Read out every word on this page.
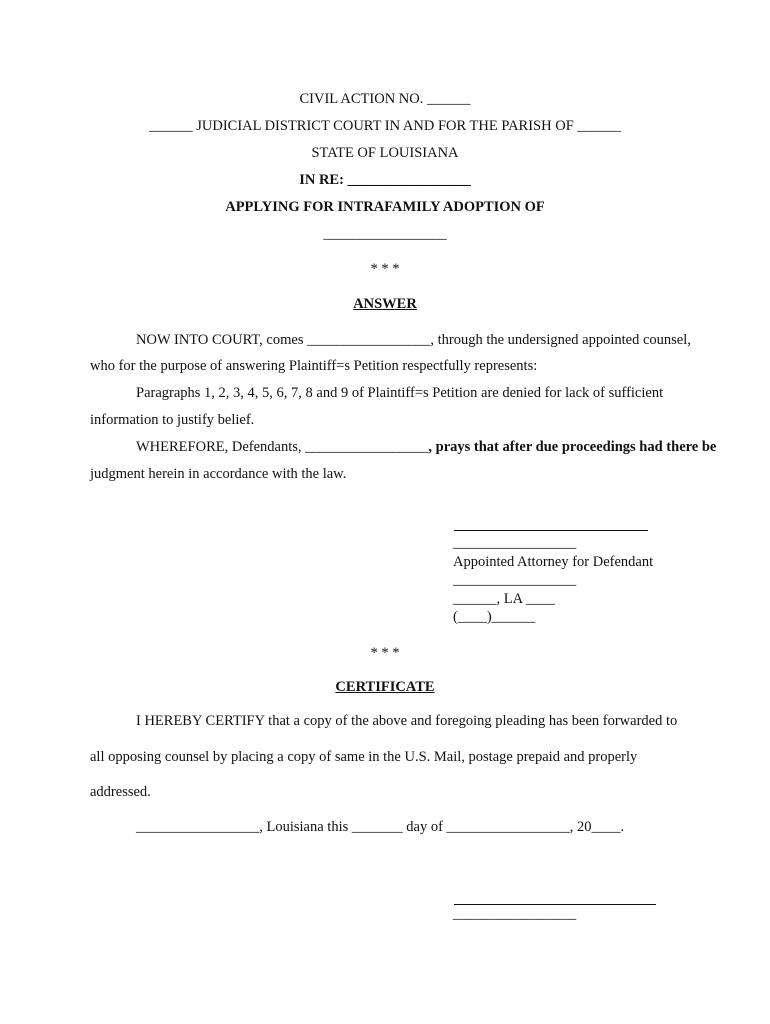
CIVIL ACTION NO. ______
______ JUDICIAL DISTRICT COURT IN AND FOR THE PARISH OF ______
STATE OF LOUISIANA
IN RE: _________________
APPLYING FOR INTRAFAMILY ADOPTION OF
_________________
* * *
ANSWER
NOW INTO COURT, comes _________________, through the undersigned appointed counsel,
who for the purpose of answering Plaintiff=s Petition respectfully represents:
Paragraphs 1, 2, 3, 4, 5, 6, 7, 8 and 9 of Plaintiff=s Petition are denied for lack of sufficient
information to justify belief.
WHEREFORE, Defendants, _________________, prays that after due proceedings had there be
judgment herein in accordance with the law.
_________________
Appointed Attorney for Defendant
_________________
______, LA ____
(____)______
* * *
CERTIFICATE
I HEREBY CERTIFY that a copy of the above and foregoing pleading has been forwarded to
all opposing counsel by placing a copy of same in the U.S. Mail, postage prepaid and properly
addressed.
_________________, Louisiana this _______ day of _________________, 20____.
_________________
